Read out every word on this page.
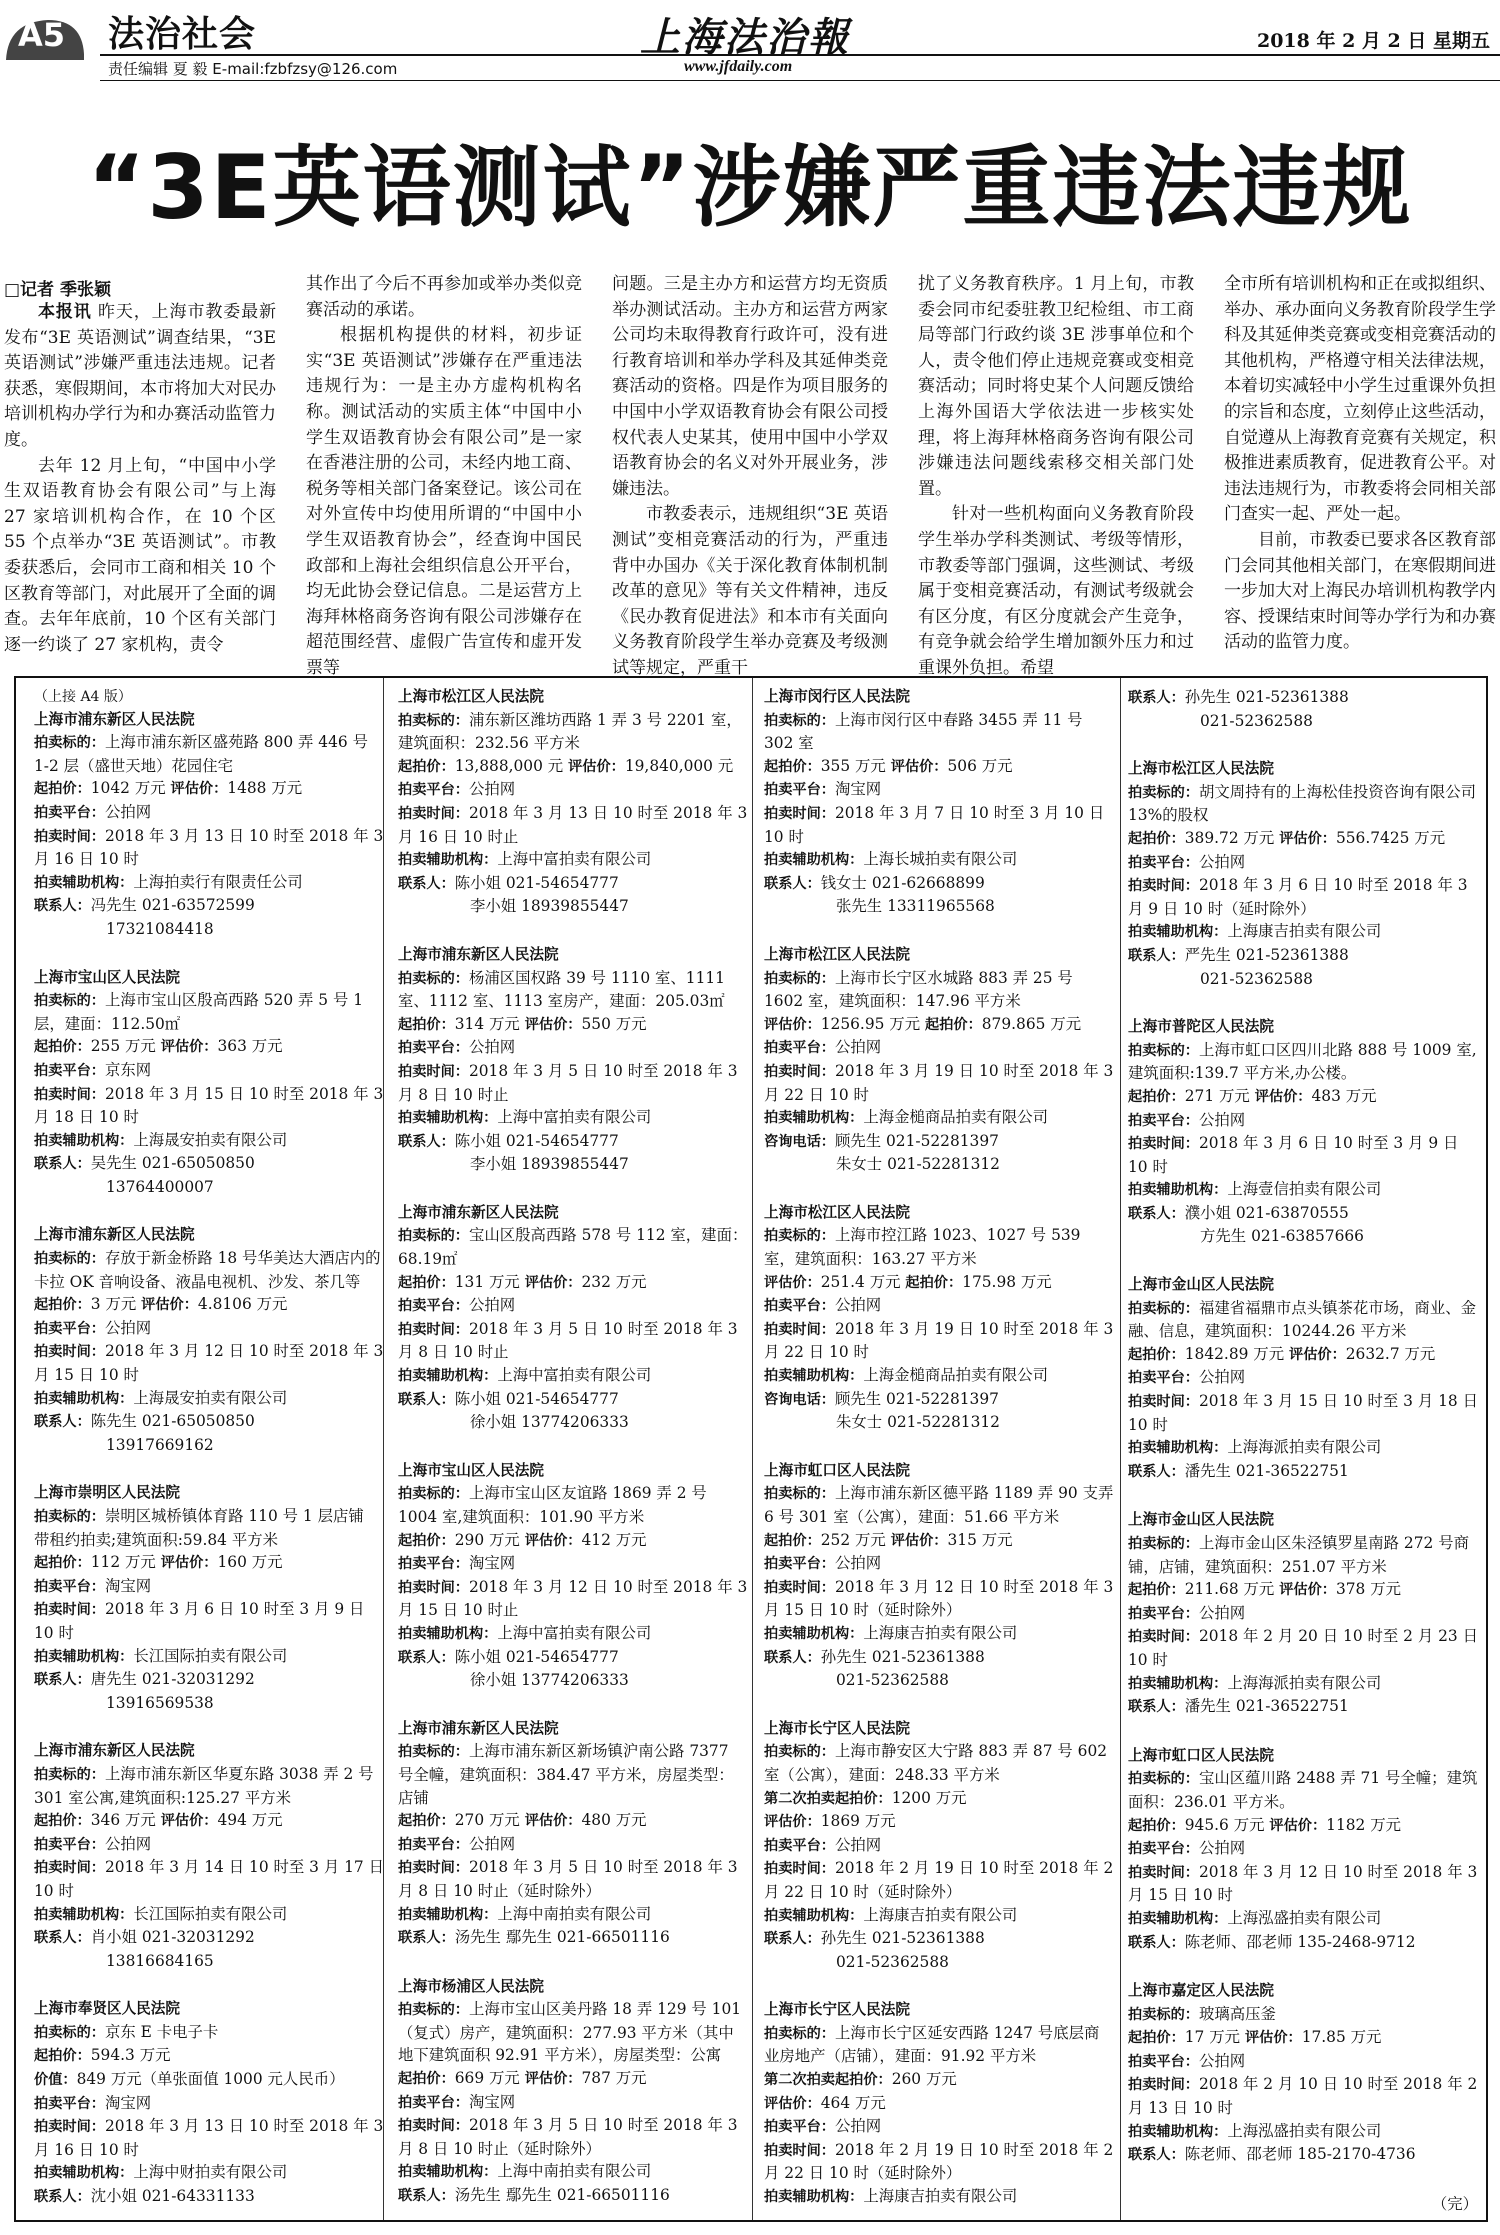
A5 法治社会
责任编辑 夏 毅 E-mail:fzbfzsy@126.com
上海法治報
www.jfdaily.com
2018 年 2 月 2 日 星期五
“3E英语测试”涉嫌严重违法违规
□记者 季张颖

本报讯 昨天，上海市教委最新发布“3E 英语测试”调查结果，“3E 英语测试”涉嫌严重违法违规。记者获悉，寒假期间，本市将加大对民办培训机构办学行为和办赛活动监管力度。

去年 12 月上旬，“中国中小学生双语教育协会有限公司”与上海 27 家培训机构合作，在 10 个区 55 个点举办“3E 英语测试”。市教委获悉后，会同市工商和相关 10 个区教育等部门，对此展开了全面的调查。去年年底前，10 个区有关部门逐一约谈了 27 家机构，责令

其作出了今后不再参加或举办类似竞赛活动的承诺。

根据机构提供的材料，初步证实“3E 英语测试”涉嫌存在严重违法违规行为：一是主办方虚构机构名称。测试活动的实质主体“中国中小学生双语教育协会有限公司”是一家在香港注册的公司，未经内地工商、税务等相关部门备案登记。该公司在对外宣传中均使用所谓的“中国中小学生双语教育协会”，经查询中国民政部和上海社会组织信息公开平台，均无此协会登记信息。二是运营方上海拜林格商务咨询有限公司涉嫌存在超范围经营、虚假广告宣传和虚开发票等

问题。三是主办方和运营方均无资质举办测试活动。主办方和运营方两家公司均未取得教育行政许可，没有进行教育培训和举办学科及其延伸类竞赛活动的资格。四是作为项目服务的中国中小学双语教育协会有限公司授权代表人史某其，使用中国中小学双语教育协会的名义对外开展业务，涉嫌违法。

市教委表示，违规组织“3E 英语测试”变相竞赛活动的行为，严重违背中办国办《关于深化教育体制机制改革的意见》等有关文件精神，违反《民办教育促进法》和本市有关面向义务教育阶段学生举办竞赛及考级测试等规定，严重干

扰了义务教育秩序。1 月上旬，市教委会同市纪委驻教卫纪检组、市工商局等部门行政约谈 3E 涉事单位和个人，责令他们停止违规竞赛或变相竞赛活动；同时将史某个人问题反馈给上海外国语大学依法进一步核实处理，将上海拜林格商务咨询有限公司涉嫌违法问题线索移交相关部门处置。

针对一些机构面向义务教育阶段学生举办学科类测试、考级等情形，市教委等部门强调，这些测试、考级属于变相竞赛活动，有测试考级就会有区分度，有区分度就会产生竞争，有竞争就会给学生增加额外压力和过重课外负担。希望

全市所有培训机构和正在或拟组织、举办、承办面向义务教育阶段学生学科及其延伸类竞赛或变相竞赛活动的其他机构，严格遵守相关法律法规，本着切实减轻中小学生过重课外负担的宗旨和态度，立刻停止这些活动，自觉遵从上海教育竞赛有关规定，积极推进素质教育，促进教育公平。对违法违规行为，市教委将会同相关部门查实一起、严处一起。

目前，市教委已要求各区教育部门会同其他相关部门，在寒假期间进一步加大对上海民办培训机构教学内容、授课结束时间等办学行为和办赛活动的监管力度。

（上接 A4 版）
上海市浦东新区人民法院
拍卖标的：上海市浦东新区盛苑路 800 弄 446 号 1-2 层（盛世天地）花园住宅
起拍价：1042 万元 评估价：1488 万元
拍卖平台：公拍网
拍卖时间：2018 年 3 月 13 日 10 时至 2018 年 3 月 16 日 10 时
拍卖辅助机构：上海拍卖行有限责任公司
联系人：冯先生 021-63572599
17321084418
上海市宝山区人民法院
拍卖标的：上海市宝山区殷高西路 520 弄 5 号 1 层，建面：112.50㎡
起拍价：255 万元 评估价：363 万元
拍卖平台：京东网
拍卖时间：2018 年 3 月 15 日 10 时至 2018 年 3 月 18 日 10 时
拍卖辅助机构：上海晟安拍卖有限公司
联系人：吴先生 021-65050850
13764400007
上海市浦东新区人民法院
拍卖标的：存放于新金桥路 18 号华美达大酒店内的卡拉 OK 音响设备、液晶电视机、沙发、茶几等
起拍价：3 万元 评估价：4.8106 万元
拍卖平台：公拍网
拍卖时间：2018 年 3 月 12 日 10 时至 2018 年 3 月 15 日 10 时
拍卖辅助机构：上海晟安拍卖有限公司
联系人：陈先生 021-65050850
13917669162
上海市崇明区人民法院
拍卖标的：崇明区城桥镇体育路 110 号 1 层店铺 带租约拍卖;建筑面积:59.84 平方米
起拍价：112 万元 评估价：160 万元
拍卖平台：淘宝网
拍卖时间：2018 年 3 月 6 日 10 时至 3 月 9 日 10 时
拍卖辅助机构：长江国际拍卖有限公司
联系人：唐先生 021-32031292
13916569538
上海市浦东新区人民法院
拍卖标的：上海市浦东新区华夏东路 3038 弄 2 号 301 室公寓,建筑面积:125.27 平方米
起拍价：346 万元 评估价：494 万元
拍卖平台：公拍网
拍卖时间：2018 年 3 月 14 日 10 时至 3 月 17 日 10 时
拍卖辅助机构：长江国际拍卖有限公司
联系人：肖小姐 021-32031292
13816684165
上海市奉贤区人民法院
拍卖标的：京东 E 卡电子卡
起拍价：594.3 万元
价值：849 万元（单张面值 1000 元人民币）
拍卖平台：淘宝网
拍卖时间：2018 年 3 月 13 日 10 时至 2018 年 3 月 16 日 10 时
拍卖辅助机构：上海中财拍卖有限公司
联系人：沈小姐 021-64331133
上海市松江区人民法院
拍卖标的：浦东新区潍坊西路 1 弄 3 号 2201 室，建筑面积：232.56 平方米
起拍价：13,888,000 元 评估价：19,840,000 元
拍卖平台：公拍网
拍卖时间：2018 年 3 月 13 日 10 时至 2018 年 3 月 16 日 10 时止
拍卖辅助机构：上海中富拍卖有限公司
联系人：陈小姐 021-54654777
李小姐 18939855447
上海市浦东新区人民法院
拍卖标的：杨浦区国权路 39 号 1110 室、1111 室、1112 室、1113 室房产，建面：205.03㎡
起拍价：314 万元 评估价：550 万元
拍卖平台：公拍网
拍卖时间：2018 年 3 月 5 日 10 时至 2018 年 3 月 8 日 10 时止
拍卖辅助机构：上海中富拍卖有限公司
联系人：陈小姐 021-54654777
李小姐 18939855447
上海市浦东新区人民法院
拍卖标的：宝山区殷高西路 578 号 112 室，建面：68.19㎡
起拍价：131 万元 评估价：232 万元
拍卖平台：公拍网
拍卖时间：2018 年 3 月 5 日 10 时至 2018 年 3 月 8 日 10 时止
拍卖辅助机构：上海中富拍卖有限公司
联系人：陈小姐 021-54654777
徐小姐 13774206333
上海市宝山区人民法院
拍卖标的：上海市宝山区友谊路 1869 弄 2 号 1004 室,建筑面积：101.90 平方米
起拍价：290 万元 评估价：412 万元
拍卖平台：淘宝网
拍卖时间：2018 年 3 月 12 日 10 时至 2018 年 3 月 15 日 10 时止
拍卖辅助机构：上海中富拍卖有限公司
联系人：陈小姐 021-54654777
徐小姐 13774206333
上海市浦东新区人民法院
拍卖标的：上海市浦东新区新场镇沪南公路 7377 号全幢，建筑面积：384.47 平方米，房屋类型：店铺
起拍价：270 万元 评估价：480 万元
拍卖平台：公拍网
拍卖时间：2018 年 3 月 5 日 10 时至 2018 年 3 月 8 日 10 时止（延时除外）
拍卖辅助机构：上海中南拍卖有限公司
联系人：汤先生 鄢先生 021-66501116
上海市杨浦区人民法院
拍卖标的：上海市宝山区美丹路 18 弄 129 号 101（复式）房产，建筑面积：277.93 平方米（其中地下建筑面积 92.91 平方米），房屋类型：公寓
起拍价：669 万元 评估价：787 万元
拍卖平台：淘宝网
拍卖时间：2018 年 3 月 5 日 10 时至 2018 年 3 月 8 日 10 时止（延时除外）
拍卖辅助机构：上海中南拍卖有限公司
联系人：汤先生 鄢先生 021-66501116
上海市闵行区人民法院
拍卖标的：上海市闵行区中春路 3455 弄 11 号 302 室
起拍价：355 万元 评估价：506 万元
拍卖平台：淘宝网
拍卖时间：2018 年 3 月 7 日 10 时至 3 月 10 日 10 时
拍卖辅助机构：上海长城拍卖有限公司
联系人：钱女士 021-62668899
张先生 13311965568
上海市松江区人民法院
拍卖标的：上海市长宁区水城路 883 弄 25 号 1602 室，建筑面积：147.96 平方米
评估价：1256.95 万元 起拍价：879.865 万元
拍卖平台：公拍网
拍卖时间：2018 年 3 月 19 日 10 时至 2018 年 3 月 22 日 10 时
拍卖辅助机构：上海金槌商品拍卖有限公司
咨询电话：顾先生 021-52281397
朱女士 021-52281312
上海市松江区人民法院
拍卖标的：上海市控江路 1023、1027 号 539 室，建筑面积：163.27 平方米
评估价：251.4 万元 起拍价：175.98 万元
拍卖平台：公拍网
拍卖时间：2018 年 3 月 19 日 10 时至 2018 年 3 月 22 日 10 时
拍卖辅助机构：上海金槌商品拍卖有限公司
咨询电话：顾先生 021-52281397
朱女士 021-52281312
上海市虹口区人民法院
拍卖标的：上海市浦东新区德平路 1189 弄 90 支弄 6 号 301 室（公寓），建面：51.66 平方米
起拍价：252 万元 评估价：315 万元
拍卖平台：公拍网
拍卖时间：2018 年 3 月 12 日 10 时至 2018 年 3 月 15 日 10 时（延时除外）
拍卖辅助机构：上海康吉拍卖有限公司
联系人：孙先生 021-52361388
021-52362588
上海市长宁区人民法院
拍卖标的：上海市静安区大宁路 883 弄 87 号 602 室（公寓），建面：248.33 平方米
第二次拍卖起拍价：1200 万元
评估价：1869 万元
拍卖平台：公拍网
拍卖时间：2018 年 2 月 19 日 10 时至 2018 年 2 月 22 日 10 时（延时除外）
拍卖辅助机构：上海康吉拍卖有限公司
联系人：孙先生 021-52361388
021-52362588
上海市长宁区人民法院
拍卖标的：上海市长宁区延安西路 1247 号底层商业房地产（店铺），建面：91.92 平方米
第二次拍卖起拍价：260 万元
评估价：464 万元
拍卖平台：公拍网
拍卖时间：2018 年 2 月 19 日 10 时至 2018 年 2 月 22 日 10 时（延时除外）
拍卖辅助机构：上海康吉拍卖有限公司
联系人：孙先生 021-52361388
021-52362588
上海市松江区人民法院
拍卖标的：胡文周持有的上海松佳投资咨询有限公司 13%的股权
起拍价：389.72 万元 评估价：556.7425 万元
拍卖平台：公拍网
拍卖时间：2018 年 3 月 6 日 10 时至 2018 年 3 月 9 日 10 时（延时除外）
拍卖辅助机构：上海康吉拍卖有限公司
联系人：严先生 021-52361388
021-52362588
上海市普陀区人民法院
拍卖标的：上海市虹口区四川北路 888 号 1009 室,建筑面积:139.7 平方米,办公楼。
起拍价：271 万元 评估价：483 万元
拍卖平台：公拍网
拍卖时间：2018 年 3 月 6 日 10 时至 3 月 9 日 10 时
拍卖辅助机构：上海壹信拍卖有限公司
联系人：濮小姐 021-63870555
方先生 021-63857666
上海市金山区人民法院
拍卖标的：福建省福鼎市点头镇茶花市场，商业、金融、信息，建筑面积：10244.26 平方米
起拍价：1842.89 万元 评估价：2632.7 万元
拍卖平台：公拍网
拍卖时间：2018 年 3 月 15 日 10 时至 3 月 18 日 10 时
拍卖辅助机构：上海海派拍卖有限公司
联系人：潘先生 021-36522751
上海市金山区人民法院
拍卖标的：上海市金山区朱泾镇罗星南路 272 号商铺，店铺，建筑面积：251.07 平方米
起拍价：211.68 万元 评估价：378 万元
拍卖平台：公拍网
拍卖时间：2018 年 2 月 20 日 10 时至 2 月 23 日 10 时
拍卖辅助机构：上海海派拍卖有限公司
联系人：潘先生 021-36522751
上海市虹口区人民法院
拍卖标的：宝山区蕴川路 2488 弄 71 号全幢；建筑面积：236.01 平方米。
起拍价：945.6 万元 评估价：1182 万元
拍卖平台：公拍网
拍卖时间：2018 年 3 月 12 日 10 时至 2018 年 3 月 15 日 10 时
拍卖辅助机构：上海泓盛拍卖有限公司
联系人：陈老师、邵老师 135-2468-9712
上海市嘉定区人民法院
拍卖标的：玻璃高压釜
起拍价：17 万元 评估价：17.85 万元
拍卖平台：公拍网
拍卖时间：2018 年 2 月 10 日 10 时至 2018 年 2 月 13 日 10 时
拍卖辅助机构：上海泓盛拍卖有限公司
联系人：陈老师、邵老师 185-2170-4736
（完）
